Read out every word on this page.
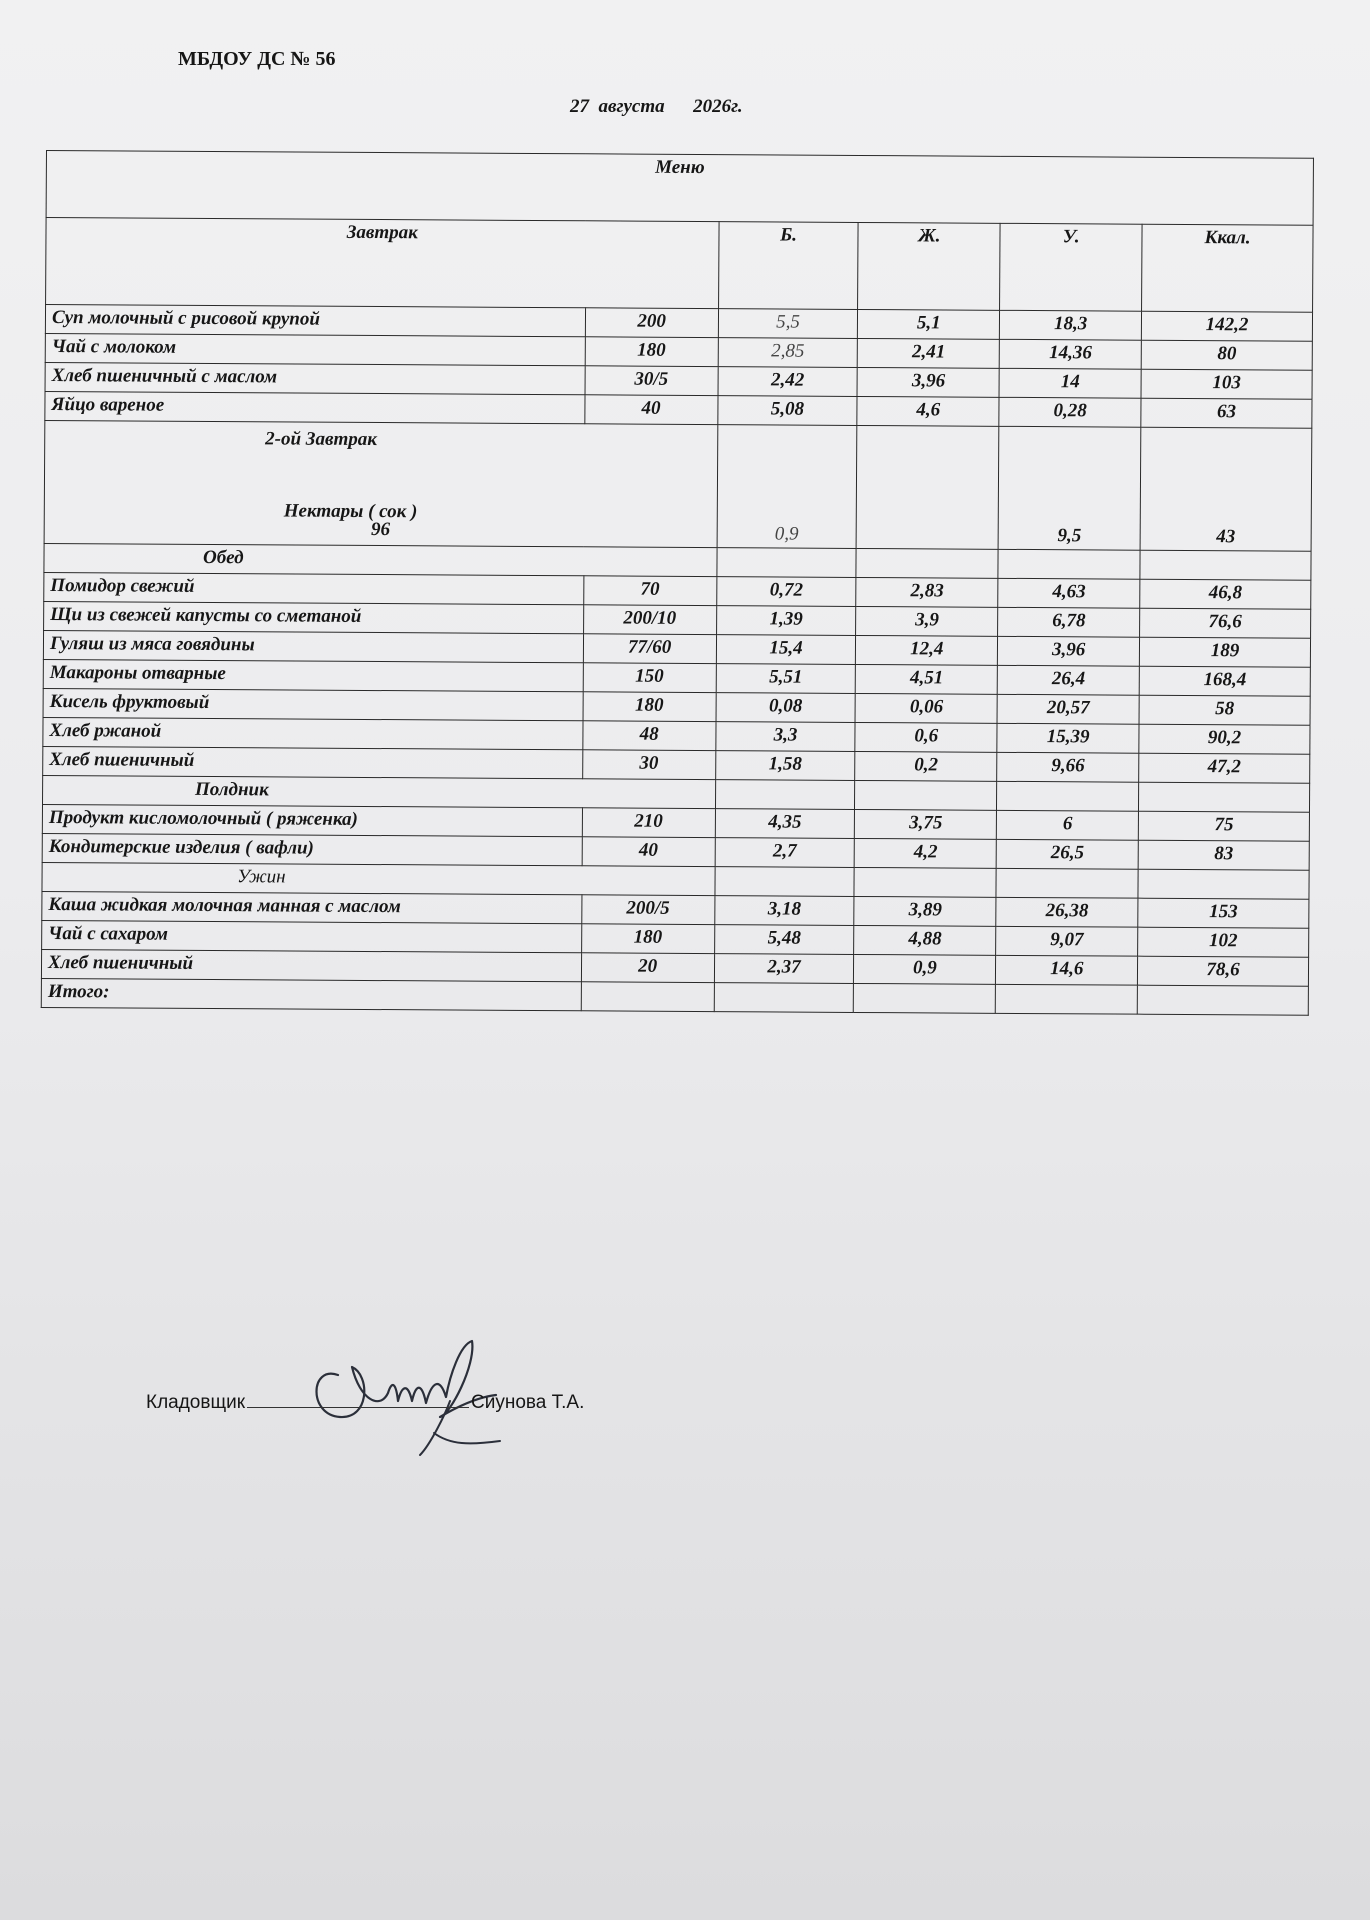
МБДОУ ДС № 56
27  августа      2026г.
Меню					
Завтрак		Б.	Ж.	У.	Ккал.
Суп молочный с рисовой крупой	200	5,5	5,1	18,3	142,2
Чай с молоком	180	2,85	2,41	14,36	80
Хлеб пшеничный с маслом	30/5	2,42	3,96	14	103
Яйцо вареное	40	5,08	4,6	0,28	63

2-ой Завтрак
Нектары ( сок )
96		0,9		9,5	43
Обед					
Помидор свежий	70	0,72	2,83	4,63	46,8
Щи из свежей капусты со сметаной	200/10	1,39	3,9	6,78	76,6
Гуляш из мяса говядины	77/60	15,4	12,4	3,96	189
Макароны отварные	150	5,51	4,51	26,4	168,4
Кисель фруктовый	180	0,08	0,06	20,57	58
Хлеб ржаной	48	3,3	0,6	15,39	90,2
Хлеб пшеничный	30	1,58	0,2	9,66	47,2
Полдник					
Продукт кисломолочный ( ряженка)	210	4,35	3,75	6	75
Кондитерские изделия ( вафли)	40	2,7	4,2	26,5	83
Ужин					
Каша жидкая молочная манная с маслом	200/5	3,18	3,89	26,38	153
Чай с сахаром	180	5,48	4,88	9,07	102
Хлеб пшеничный	20	2,37	0,9	14,6	78,6
Итого:					
Кладовщик	Сиунова Т.А.
